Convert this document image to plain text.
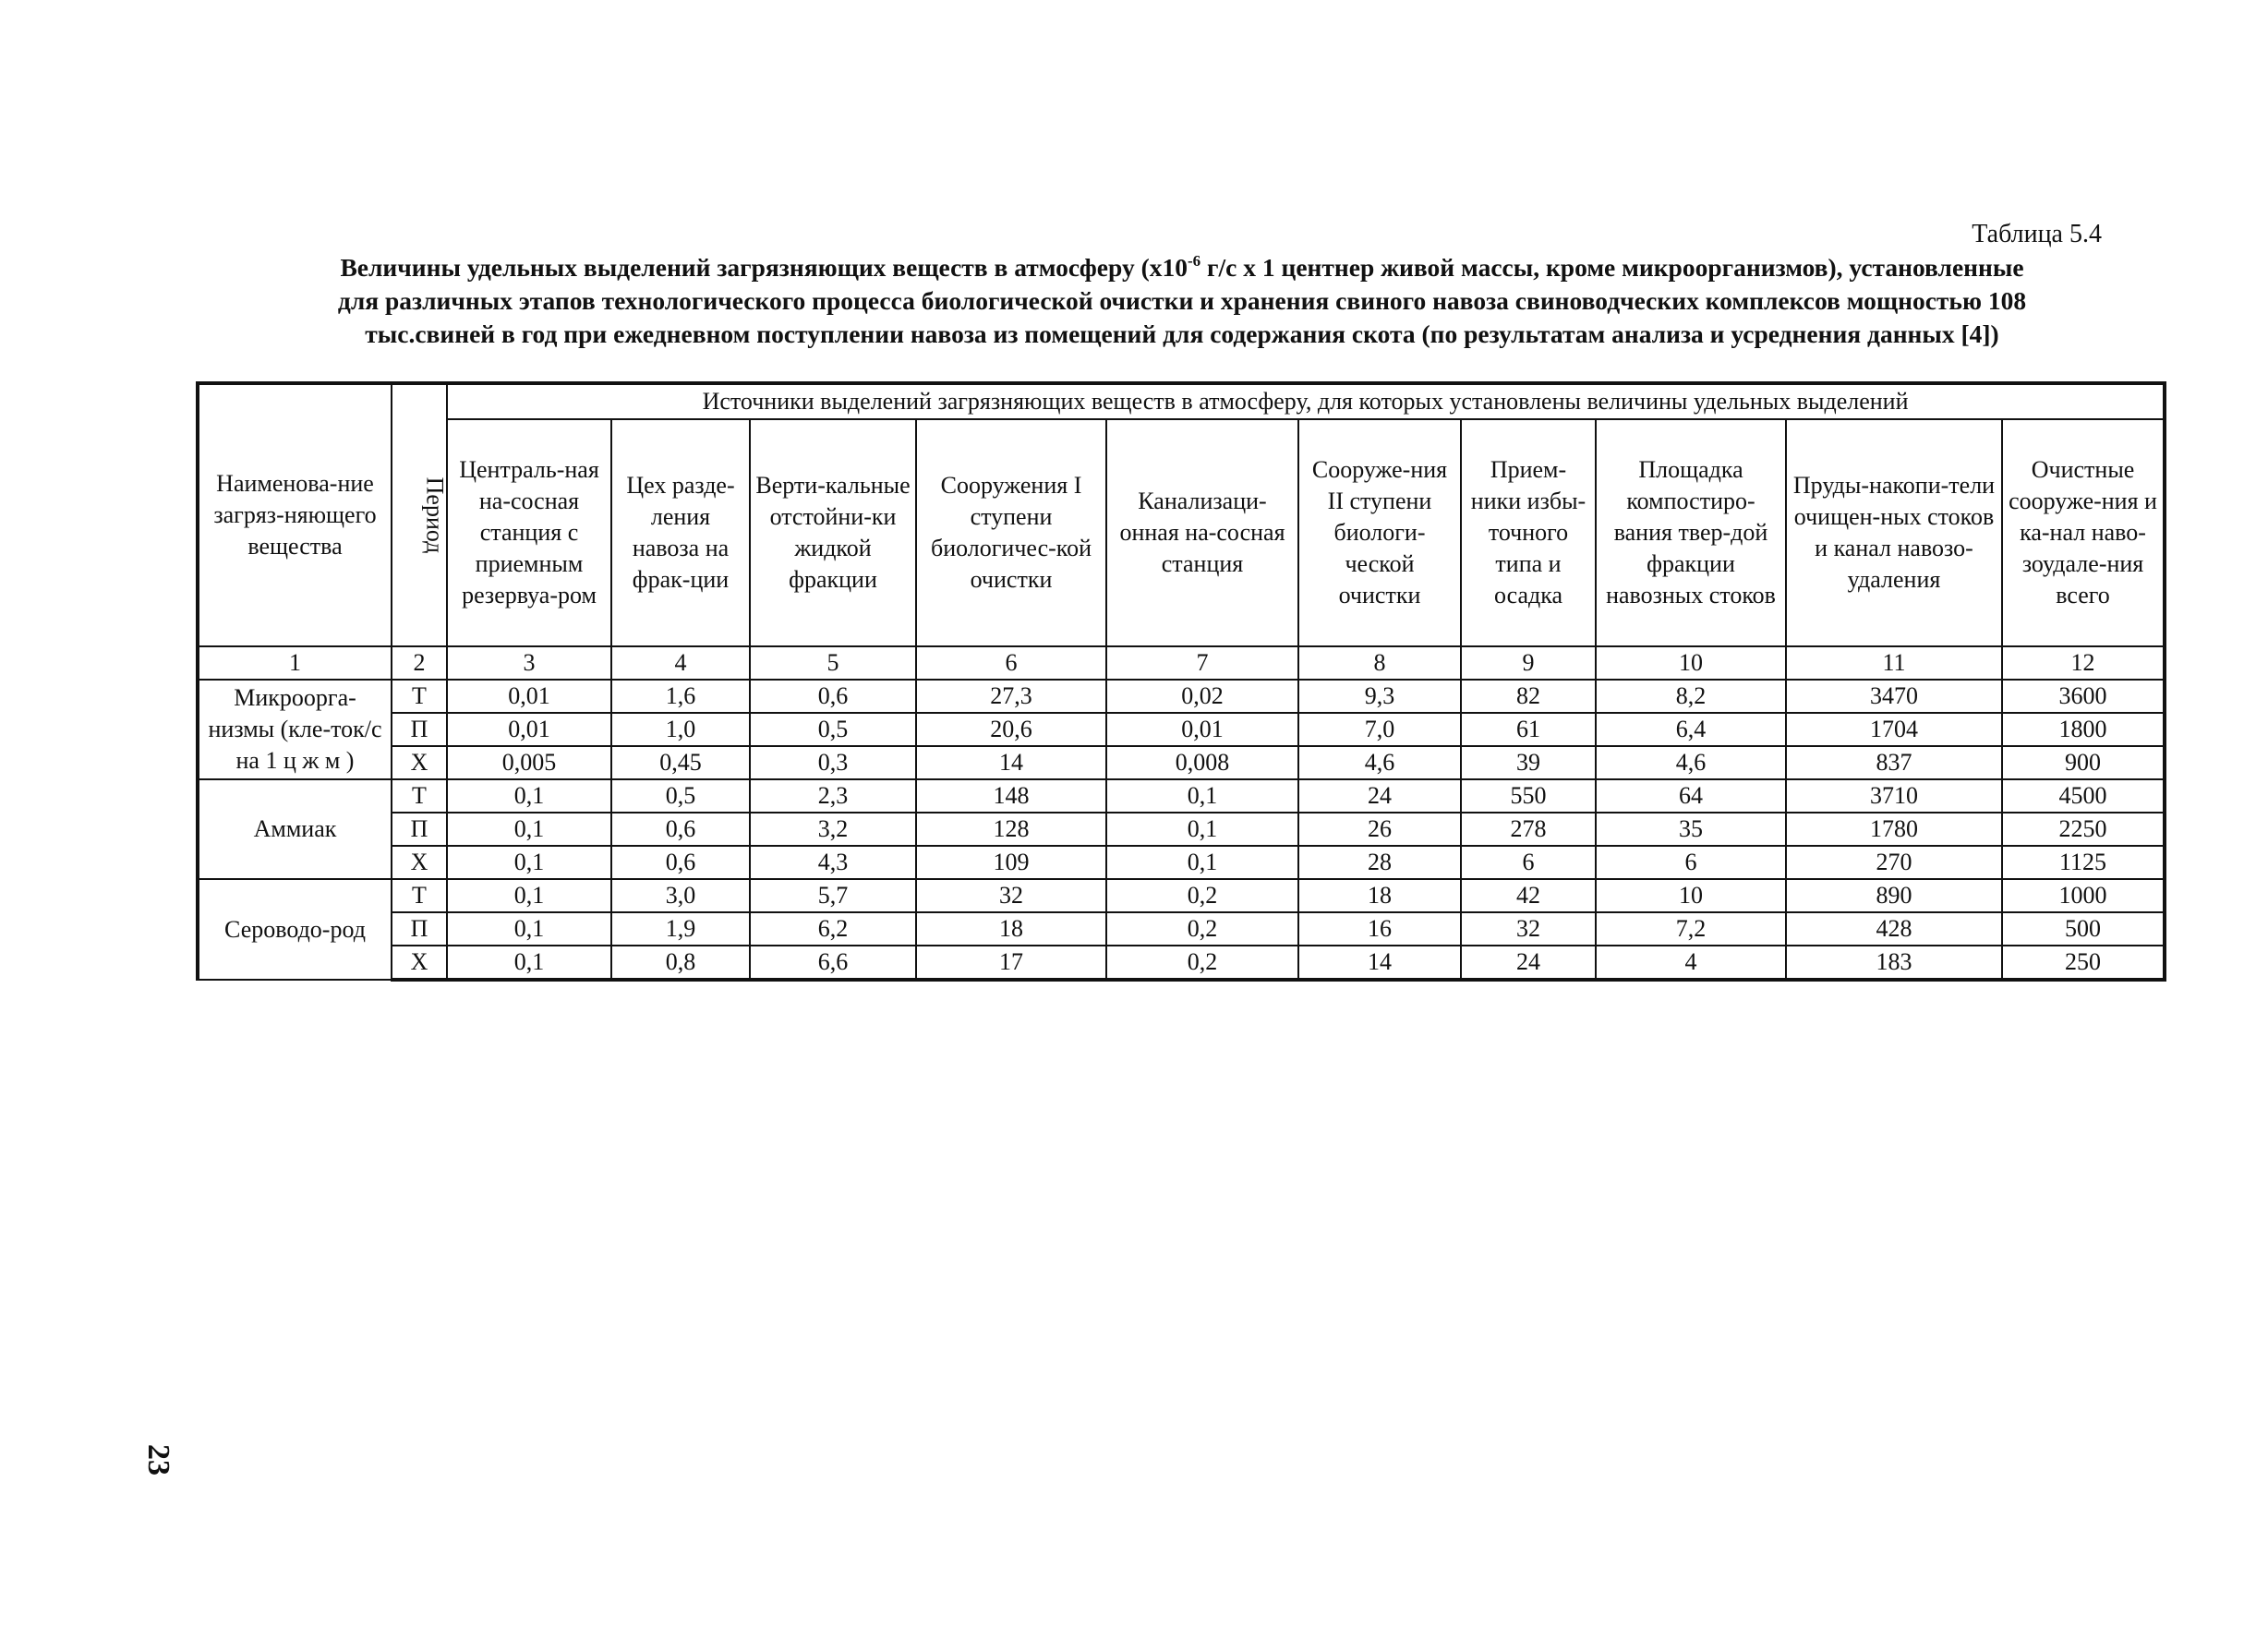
Таблица 5.4
Величины удельных выделений загрязняющих веществ в атмосферу ($x10^{-6}$ г/с x 1 центнер живой массы, кроме микроорганизмов), установленные
для различных этапов технологического процесса биологической очистки и хранения свиного навоза свиноводческих комплексов мощностью 108
тыс.свиней в год при ежедневном поступлении навоза из помещений для содержания скота (по результатам анализа и усреднения данных [4])
Наименова-ние загряз-няющего вещества	Период	Источники выделений загрязняющих веществ в атмосферу, для которых установлены величины удельных выделений									
		Централь-ная на-сосная станция с приемным резервуа-ром	Цех разде-ления навоза на фрак-ции	Верти-кальные отстойни-ки жидкой фракции	Сооружения I ступени биологичес-кой очистки	Канализаци-онная на-сосная станция	Сооруже-ния II ступени биологи-ческой очистки	Прием-ники избы-точного типа и осадка	Площадка компостиро-вания твер-дой фракции навозных стоков	Пруды-накопи-тели очищен-ных стоков и канал навозо-удаления	Очистные сооруже-ния и ка-нал наво-зоудале-ния всего
1	2	3	4	5	6	7	8	9	10	11	12
Микроорга-низмы (кле-ток/с на 1 ц ж м )	Т	0,01	1,6	0,6	27,3	0,02	9,3	82	8,2	3470	3600
	П	0,01	1,0	0,5	20,6	0,01	7,0	61	6,4	1704	1800
	Х	0,005	0,45	0,3	14	0,008	4,6	39	4,6	837	900
Аммиак	Т	0,1	0,5	2,3	148	0,1	24	550	64	3710	4500
	П	0,1	0,6	3,2	128	0,1	26	278	35	1780	2250
	Х	0,1	0,6	4,3	109	0,1	28	6	6	270	1125
Сероводо-род	Т	0,1	3,0	5,7	32	0,2	18	42	10	890	1000
	П	0,1	1,9	6,2	18	0,2	16	32	7,2	428	500
	Х	0,1	0,8	6,6	17	0,2	14	24	4	183	250
23
